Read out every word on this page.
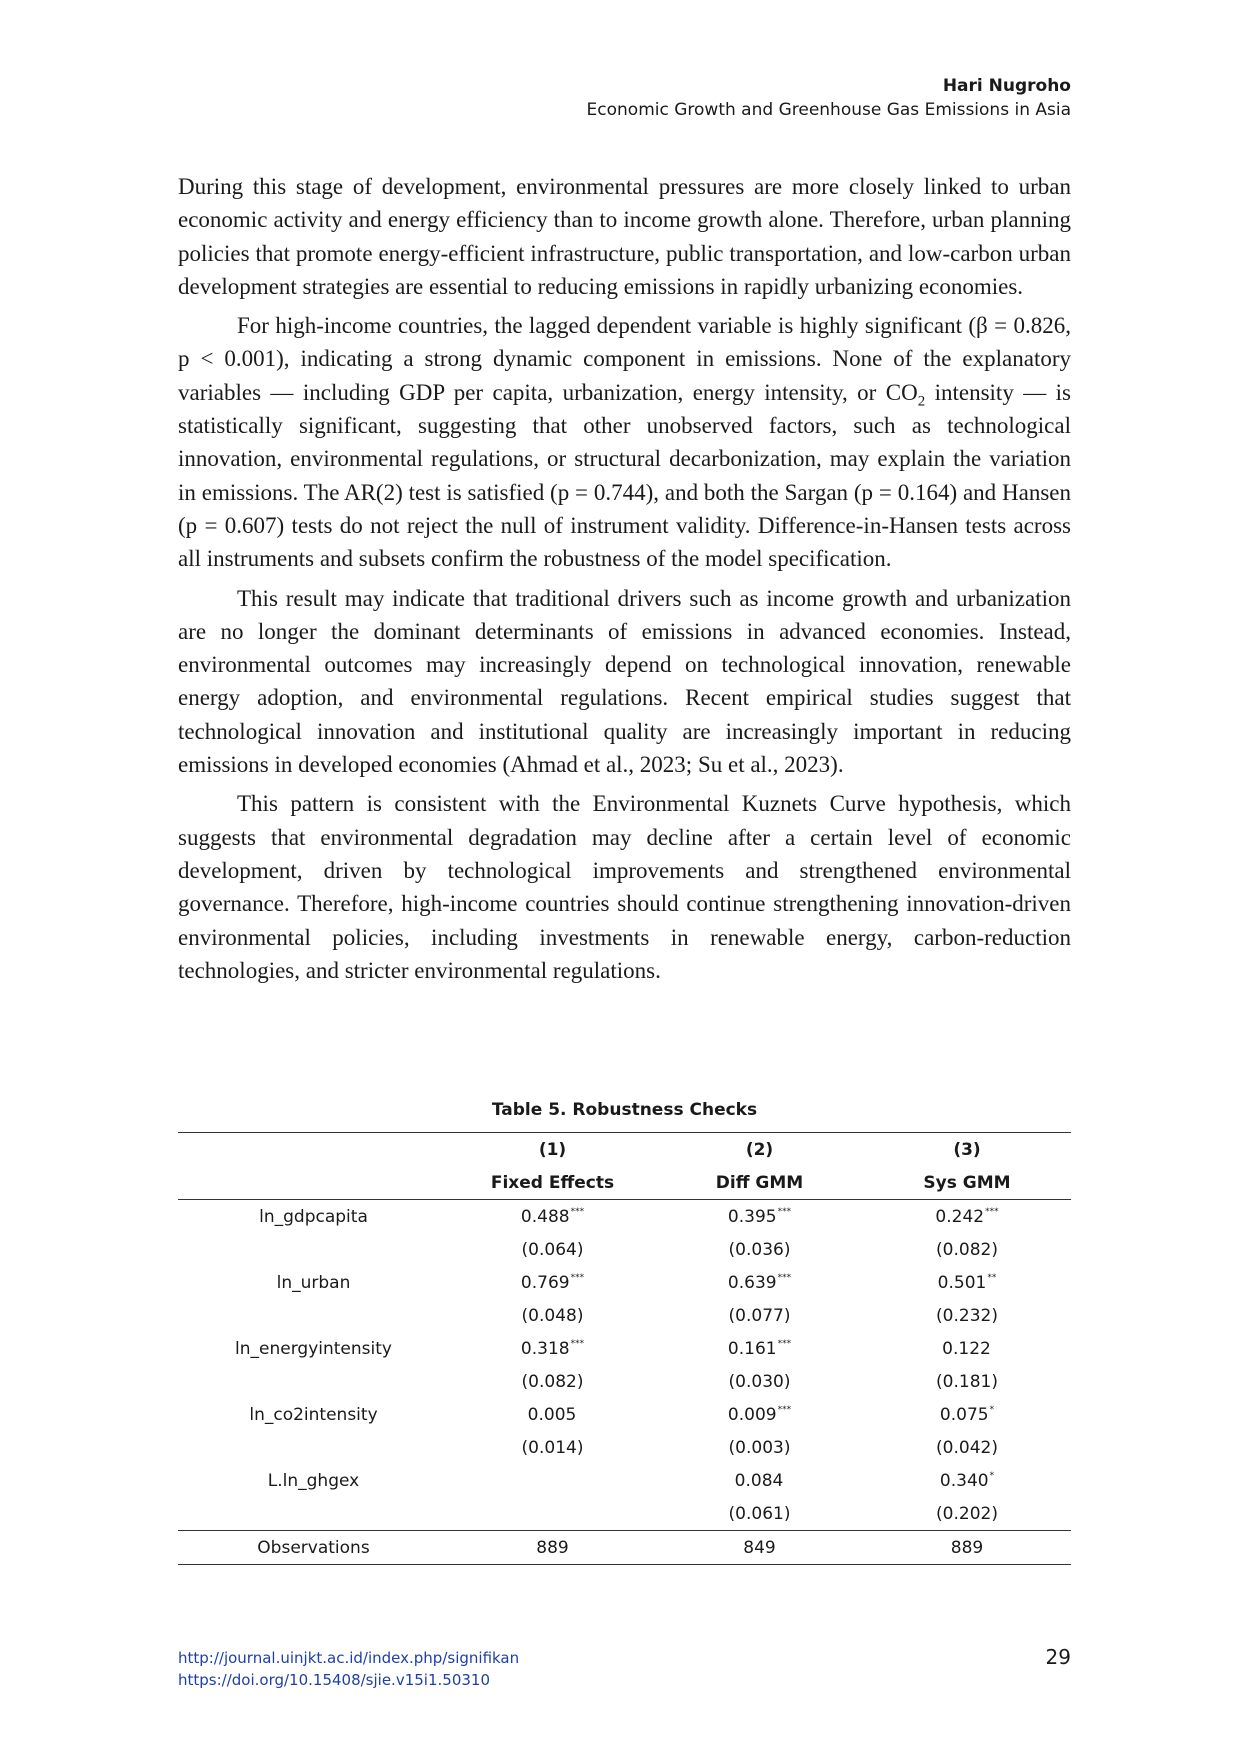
Hari Nugroho
Economic Growth and Greenhouse Gas Emissions in Asia

During this stage of development, environmental pressures are more closely linked to urban economic activity and energy efficiency than to income growth alone. Therefore, urban planning policies that promote energy-efficient infrastructure, public transportation, and low-carbon urban development strategies are essential to reducing emissions in rapidly urbanizing economies.

For high-income countries, the lagged dependent variable is highly significant (β = 0.826, p < 0.001), indicating a strong dynamic component in emissions. None of the explanatory variables — including GDP per capita, urbanization, energy intensity, or $CO_2$ intensity — is statistically significant, suggesting that other unobserved factors, such as technological innovation, environmental regulations, or structural decarbonization, may explain the variation in emissions. The AR(2) test is satisfied (p = 0.744), and both the Sargan (p = 0.164) and Hansen (p = 0.607) tests do not reject the null of instrument validity. Difference-in-Hansen tests across all instruments and subsets confirm the robustness of the model specification.

This result may indicate that traditional drivers such as income growth and urbanization are no longer the dominant determinants of emissions in advanced economies. Instead, environmental outcomes may increasingly depend on technological innovation, renewable energy adoption, and environmental regulations. Recent empirical studies suggest that technological innovation and institutional quality are increasingly important in reducing emissions in developed economies (Ahmad et al., 2023; Su et al., 2023).

This pattern is consistent with the Environmental Kuznets Curve hypothesis, which suggests that environmental degradation may decline after a certain level of economic development, driven by technological improvements and strengthened environmental governance. Therefore, high-income countries should continue strengthening innovation-driven environmental policies, including investments in renewable energy, carbon-reduction technologies, and stricter environmental regulations.

Table 5. Robustness Checks
	(1)	(2)	(3)
	Fixed Effects	Diff GMM	Sys GMM
ln_gdpcapita	0.488***	0.395***	0.242***
	(0.064)	(0.036)	(0.082)
ln_urban	0.769***	0.639***	0.501**
	(0.048)	(0.077)	(0.232)
ln_energyintensity	0.318***	0.161***	0.122
	(0.082)	(0.030)	(0.181)
ln_co2intensity	0.005	0.009***	0.075*
	(0.014)	(0.003)	(0.042)
L.ln_ghgex		0.084	0.340*
		(0.061)	(0.202)
Observations	889	849	889
http://journal.uinjkt.ac.id/index.php/signifikan
https://doi.org/10.15408/sjie.v15i1.50310
29
